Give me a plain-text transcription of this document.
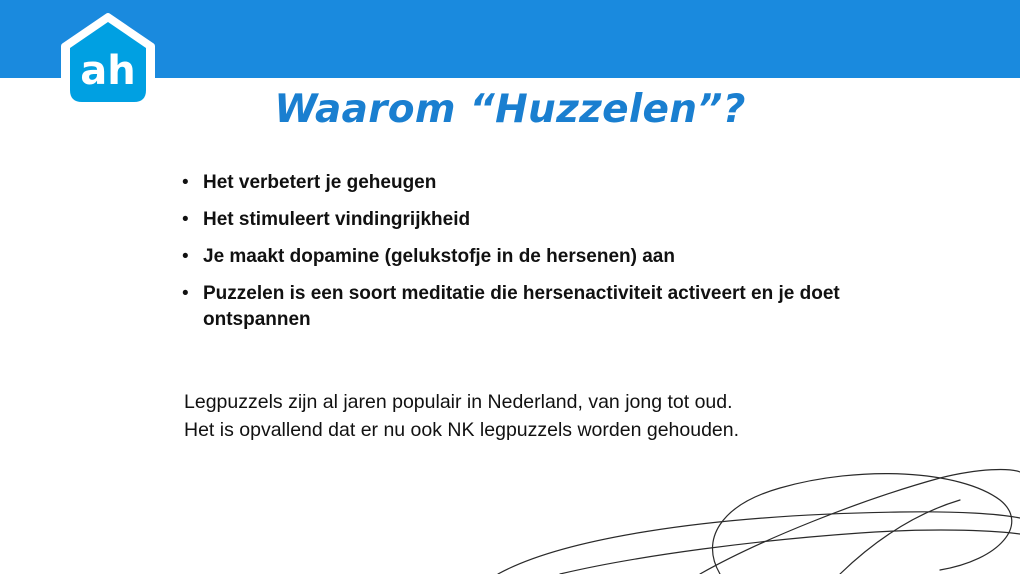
ah
Waarom “Huzzelen”?
• Het verbetert je geheugen
• Het stimuleert vindingrijkheid
• Je maakt dopamine (gelukstofje in de hersenen) aan
• Puzzelen is een soort meditatie die hersenactiviteit activeert en je doet ontspannen

Legpuzzels zijn al jaren populair in Nederland, van jong tot oud.
Het is opvallend dat er nu ook NK legpuzzels worden gehouden.
